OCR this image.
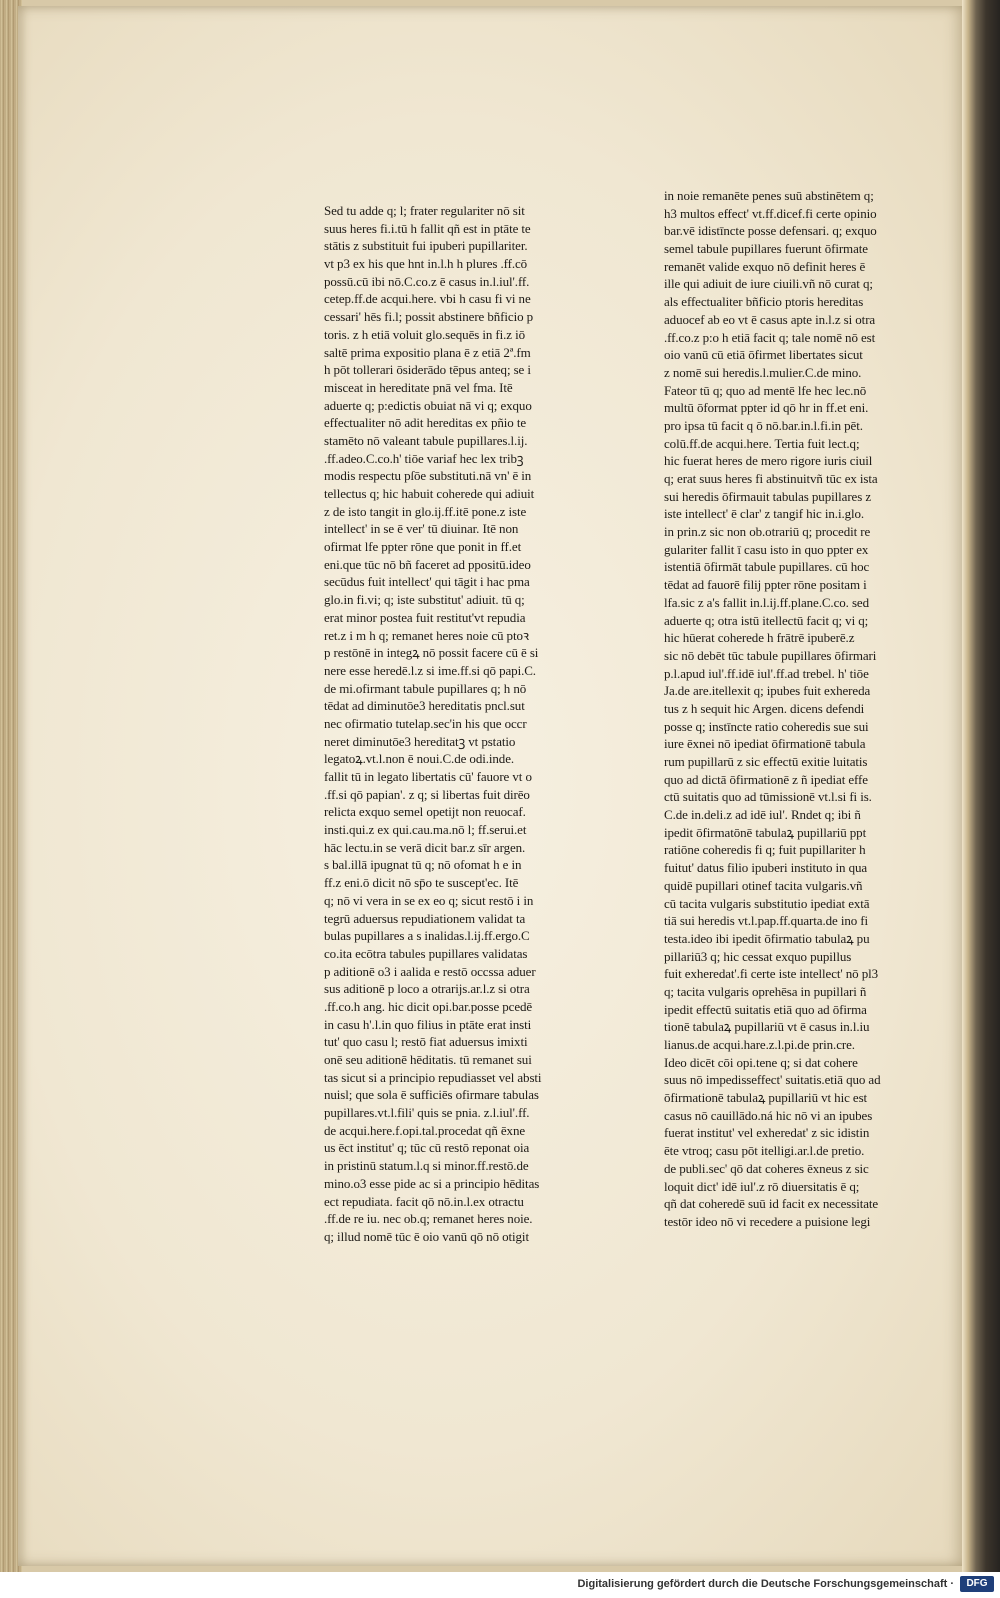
Sed tu adde q; l; frater regulariter nō sit
suus heres fi.i.tū h fallit qñ est in ptāte te
stātis z substituit fui ipuberi pupillariter.
vt p3 ex his que hnt in.l.h h plures .ff.cō
possū.cū ibi nō.C.co.z ē casus in.l.iul'.ff.
cetep.ff.de acqui.here. vbi h casu fi vi ne
cessari' hēs fi.l; possit abstinere bñficio p
toris. z h etiā voluit glo.sequēs in fi.z iō
saltē prima expositio plana ē z etiā 2ª.fm
h pōt tollerari ōsiderādo tēpus anteq; se i
misceat in hereditate pnā vel fma. Itē
aduerte q; p:edictis obuiat nā vi q; exquo
effectualiter nō adit hereditas ex pñio te
stamēto nō valeant tabule pupillares.l.ij.
.ff.adeo.C.co.h' tiōe variaf hec lex tribꝫ
modis respectu pſōe substituti.nā vn' ē in
tellectus q; hic habuit coherede qui adiuit
z de isto tangit in glo.ij.ff.itē pone.z iste
intellect' in se ē ver' tū diuinar. Itē non
ofirmat lfe ppter rōne que ponit in ff.et
eni.que tūc nō bñ faceret ad ppositū.ideo
secūdus fuit intellect' qui tāgit i hac pma
glo.in fi.vi; q; iste substitut' adiuit. tū q;
erat minor postea fuit restitut'vt repudia
ret.z i m h q; remanet heres noie cū ptoꝛ
p restōnē in integꝝ nō possit facere cū ē si
nere esse heredē.l.z si ime.ff.si qō papi.C.
de mi.ofirmant tabule pupillares q; h nō
tēdat ad diminutōe3 hereditatis pncl.sut
nec ofirmatio tutelap.sec'in his que occr
neret diminutōe3 hereditatꝫ vt pstatio
legatoꝝ.vt.l.non ē noui.C.de odi.inde.
fallit tū in legato libertatis cū' fauore vt o
.ff.si qō papian'. z q; si libertas fuit dirēo
relicta exquo semel opetijt non reuocaf.
insti.qui.z ex qui.cau.ma.nō l; ff.serui.et
hāc lectu.in se verā dicit bar.z sīr argen.
s bal.illā ipugnat tū q; nō ofomat h e in
ff.z eni.ō dicit nō sp̄o te suscept'ec. Itē
q; nō vi vera in se ex eo q; sicut restō i in
tegrū aduersus repudiationem validat ta
bulas pupillares a s inalidas.l.ij.ff.ergo.C
co.ita ecōtra tabules pupillares validatas
p aditionē o3 i aalida e restō occssa aduer
sus aditionē p loco a otrarijs.ar.l.z si otra
.ff.co.h ang. hic dicit opi.bar.posse pcedē
in casu h'.l.in quo filius in ptāte erat insti
tut' quo casu l; restō fiat aduersus imixti
onē seu aditionē hēditatis. tū remanet sui
tas sicut si a principio repudiasset vel absti
nuisl; que sola ē sufficiēs ofirmare tabulas
pupillares.vt.l.fili' quis se pnia. z.l.iul'.ff.
de acqui.here.f.opi.tal.procedat qñ ēxne
us ēct institut' q; tūc cū restō reponat oia
in pristinū statum.l.q si minor.ff.restō.de
mino.o3 esse pide ac si a principio hēditas
ect repudiata. facit qō nō.in.l.ex otractu
.ff.de re iu. nec ob.q; remanet heres noie.
q; illud nomē tūc ē oio vanū qō nō otigit
in noie remanēte penes suū abstinētem q;
h3 multos effect' vt.ff.dicef.fi certe opinio
bar.vē idistīncte posse defensari. q; exquo
semel tabule pupillares fuerunt ōfirmate
remanēt valide exquo nō definit heres ē
ille qui adiuit de iure ciuili.vñ nō curat q;
als effectualiter bñficio ptoris hereditas
aduocef ab eo vt ē casus apte in.l.z si otra
.ff.co.z p:o h etiā facit q; tale nomē nō est
oio vanū cū etiā ōfirmet libertates sicut
z nomē sui heredis.l.mulier.C.de mino.
Fateor tū q; quo ad mentē lfe hec lec.nō
multū ōformat ppter id qō hr in ff.et eni.
pro ipsa tū facit q ō nō.bar.in.l.fi.in pēt.
colū.ff.de acqui.here. Tertia fuit lect.q;
hic fuerat heres de mero rigore iuris ciuil
q; erat suus heres fi abstinuitvñ tūc ex ista
sui heredis ōfirmauit tabulas pupillares z
iste intellect' ē clar' z tangif hic in.i.glo.
in prin.z sic non ob.otrariū q; procedit re
gulariter fallit ī casu isto in quo ppter ex
istentiā ōfirmāt tabule pupillares. cū hoc
tēdat ad fauorē filij ppter rōne positam i
lfa.sic z a's fallit in.l.ij.ff.plane.C.co. sed
aduerte q; otra istū itellectū facit q; vi q;
hic hūerat coherede h frātrē ipuberē.z
sic nō debēt tūc tabule pupillares ōfirmari
p.l.apud iul'.ff.idē iul'.ff.ad trebel. h' tiōe
Ja.de are.itellexit q; ipubes fuit exhereda
tus z h sequit hic Argen. dicens defendi
posse q; instīncte ratio coheredis sue sui
iure ēxnei nō ipediat ōfirmationē tabula
rum pupillarū z sic effectū exitie luitatis
quo ad dictā ōfirmationē z ñ ipediat effe
ctū suitatis quo ad tūmissionē vt.l.si fi is.
C.de in.deli.z ad idē iul'. Rndet q; ibi ñ
ipedit ōfirmatōnē tabulaꝝ pupillariū ppt
ratiōne coheredis fi q; fuit pupillariter h
fuitut' datus filio ipuberi instituto in qua
quidē pupillari otinef tacita vulgaris.vñ
cū tacita vulgaris substitutio ipediat extā
tiā sui heredis vt.l.pap.ff.quarta.de ino fi
testa.ideo ibi ipedit ōfirmatio tabulaꝝ pu
pillariū3 q; hic cessat exquo pupillus
fuit exheredat'.fi certe iste intellect' nō pl3
q; tacita vulgaris oprehēsa in pupillari ñ
ipedit effectū suitatis etiā quo ad ōfirma
tionē tabulaꝝ pupillariū vt ē casus in.l.iu
lianus.de acqui.hare.z.l.pi.de prin.cre.
Ideo dicēt cōi opi.tene q; si dat cohere
suus nō impedisseffect' suitatis.etiā quo ad
ōfirmationē tabulaꝝ pupillariū vt hic est
casus nō cauillādo.ná hic nō vi an ipubes
fuerat institut' vel exheredat' z sic idistin
ēte vtroq; casu pōt itelligi.ar.l.de pretio.
de publi.sec' qō dat coheres ēxneus z sic
loquit dict' idē iul'.z rō diuersitatis ē q;
qñ dat coheredē suū id facit ex necessitate
testōr ideo nō vi recedere a puisione legi
Digitalisierung gefördert durch die Deutsche Forschungsgemeinschaft ·	DFG
